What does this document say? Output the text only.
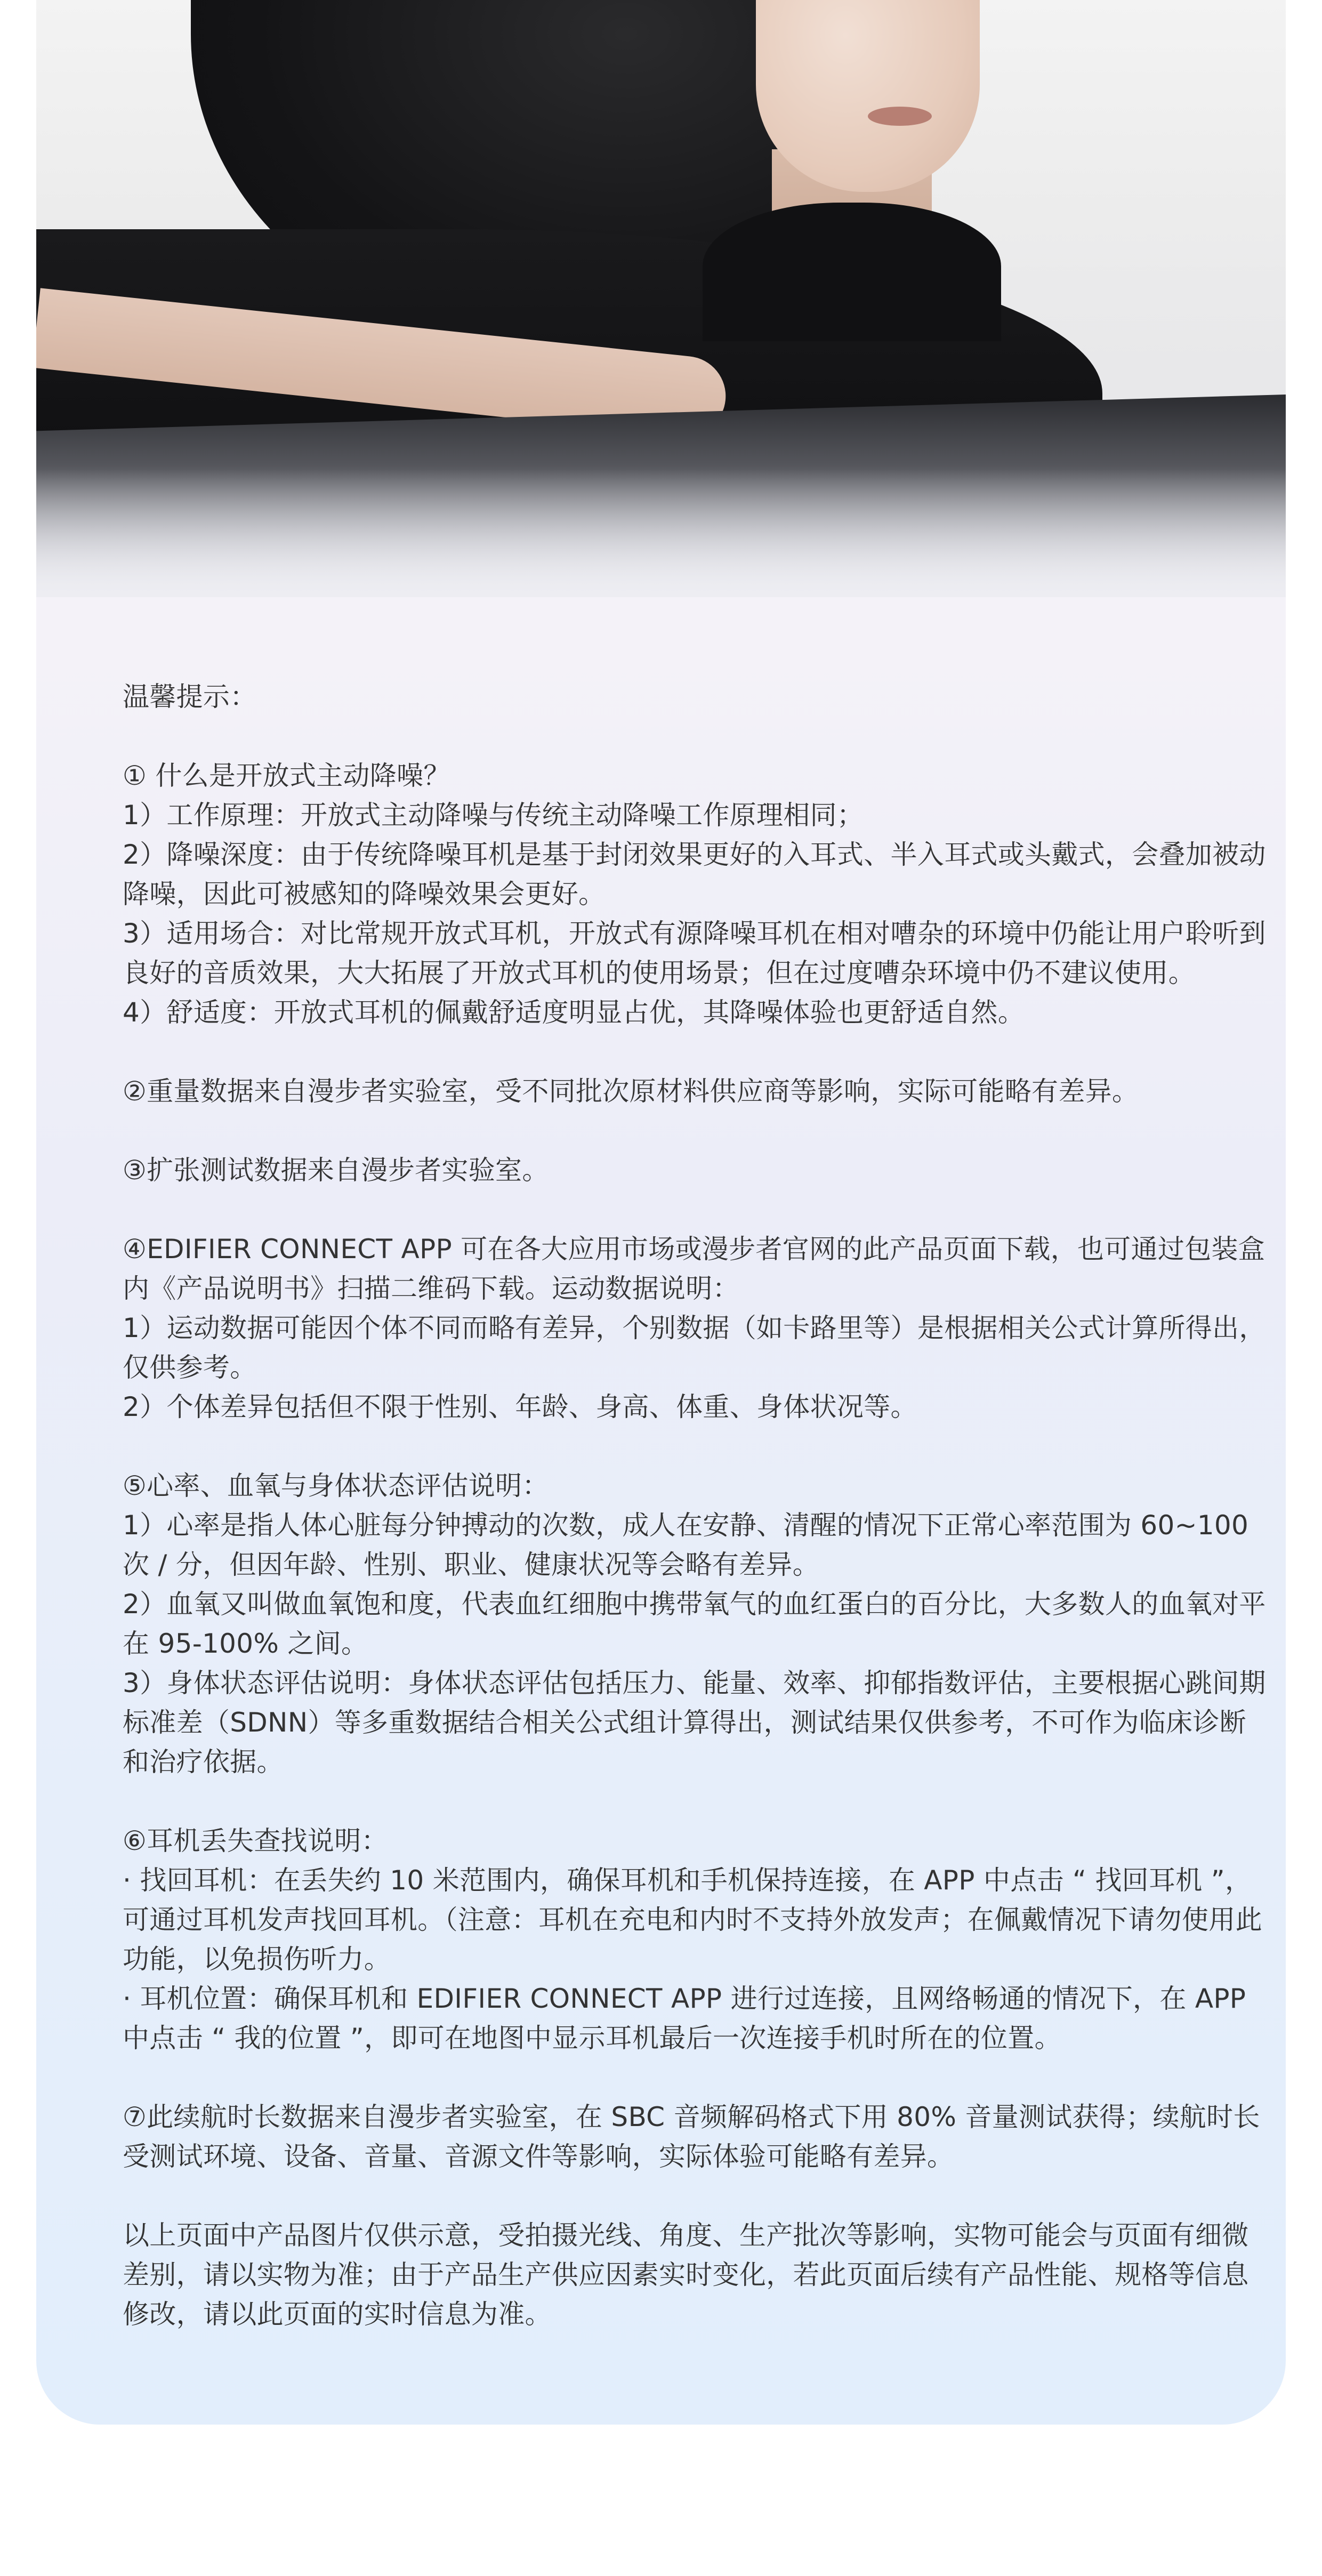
温馨提示：

① 什么是开放式主动降噪？

1）工作原理：开放式主动降噪与传统主动降噪工作原理相同；

2）降噪深度：由于传统降噪耳机是基于封闭效果更好的入耳式、半入耳式或头戴式，会叠加被动降噪，因此可被感知的降噪效果会更好。

3）适用场合：对比常规开放式耳机，开放式有源降噪耳机在相对嘈杂的环境中仍能让用户聆听到良好的音质效果，大大拓展了开放式耳机的使用场景；但在过度嘈杂环境中仍不建议使用。

4）舒适度：开放式耳机的佩戴舒适度明显占优，其降噪体验也更舒适自然。

②重量数据来自漫步者实验室，受不同批次原材料供应商等影响，实际可能略有差异。

③扩张测试数据来自漫步者实验室。

④EDIFIER CONNECT APP 可在各大应用市场或漫步者官网的此产品页面下载，也可通过包装盒内《产品说明书》扫描二维码下载。运动数据说明：

1）运动数据可能因个体不同而略有差异，个别数据（如卡路里等）是根据相关公式计算所得出，仅供参考。

2）个体差异包括但不限于性别、年龄、身高、体重、身体状况等。

⑤心率、血氧与身体状态评估说明：

1）心率是指人体心脏每分钟搏动的次数，成人在安静、清醒的情况下正常心率范围为 60~100 次 / 分，但因年龄、性别、职业、健康状况等会略有差异。

2）血氧又叫做血氧饱和度，代表血红细胞中携带氧气的血红蛋白的百分比，大多数人的血氧对平在 95-100% 之间。

3）身体状态评估说明：身体状态评估包括压力、能量、效率、抑郁指数评估，主要根据心跳间期标准差（SDNN）等多重数据结合相关公式组计算得出，测试结果仅供参考，不可作为临床诊断和治疗依据。

⑥耳机丢失查找说明：

· 找回耳机：在丢失约 10 米范围内，确保耳机和手机保持连接，在 APP 中点击 “ 找回耳机 ”，可通过耳机发声找回耳机。（注意：耳机在充电和内时不支持外放发声；在佩戴情况下请勿使用此功能，以免损伤听力。

· 耳机位置：确保耳机和 EDIFIER CONNECT APP 进行过连接，且网络畅通的情况下，在 APP 中点击 “ 我的位置 ”，即可在地图中显示耳机最后一次连接手机时所在的位置。

⑦此续航时长数据来自漫步者实验室，在 SBC 音频解码格式下用 80% 音量测试获得；续航时长受测试环境、设备、音量、音源文件等影响，实际体验可能略有差异。

以上页面中产品图片仅供示意，受拍摄光线、角度、生产批次等影响，实物可能会与页面有细微差别，请以实物为准；由于产品生产供应因素实时变化，若此页面后续有产品性能、规格等信息修改，请以此页面的实时信息为准。
